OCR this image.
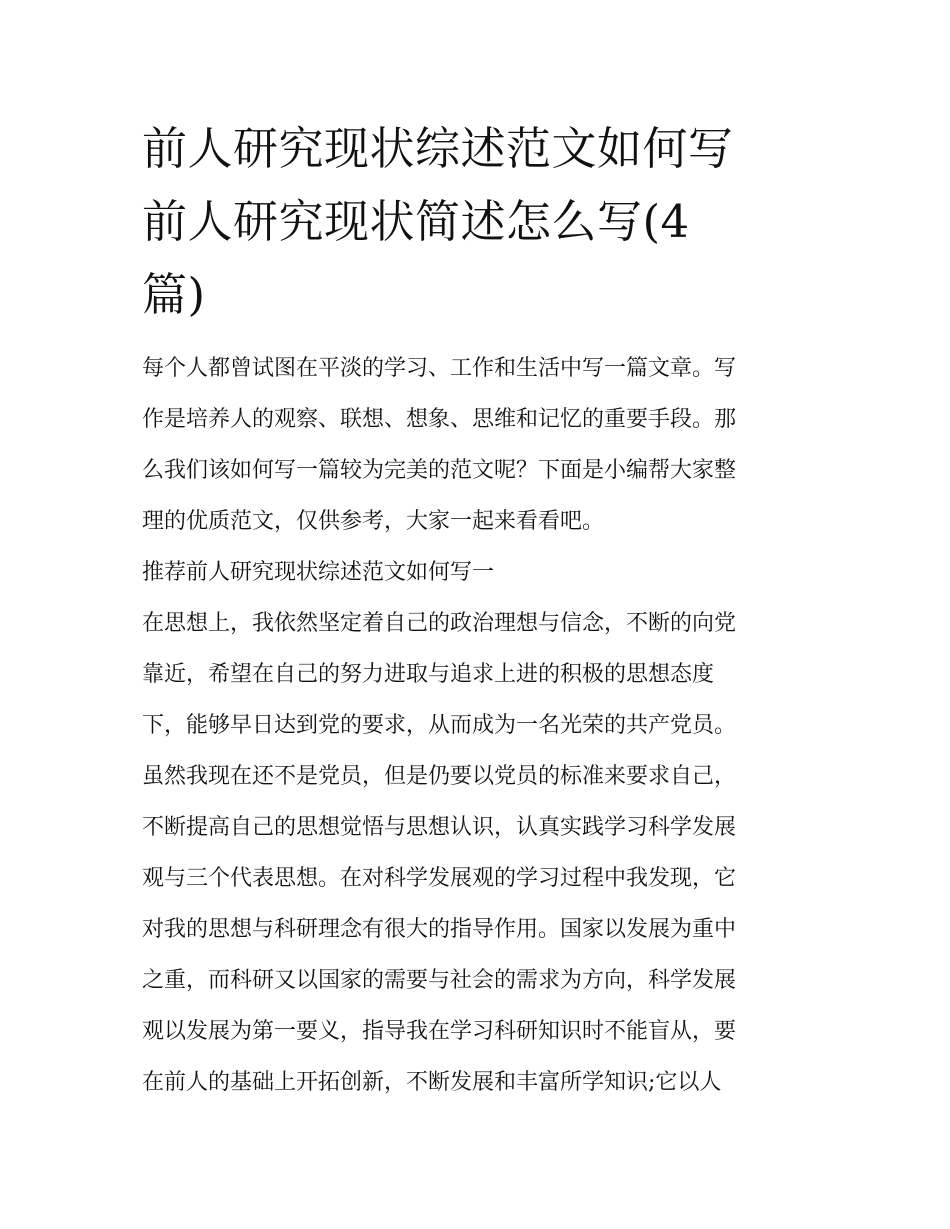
前人研究现状综述范文如何写
前人研究现状简述怎么写(4
篇)
每个人都曾试图在平淡的学习、工作和生活中写一篇文章。写
作是培养人的观察、联想、想象、思维和记忆的重要手段。那
么我们该如何写一篇较为完美的范文呢？下面是小编帮大家整
理的优质范文，仅供参考，大家一起来看看吧。
推荐前人研究现状综述范文如何写一
在思想上，我依然坚定着自己的政治理想与信念，不断的向党
靠近，希望在自己的努力进取与追求上进的积极的思想态度
下，能够早日达到党的要求，从而成为一名光荣的共产党员。
虽然我现在还不是党员，但是仍要以党员的标准来要求自己，
不断提高自己的思想觉悟与思想认识，认真实践学习科学发展
观与三个代表思想。在对科学发展观的学习过程中我发现，它
对我的思想与科研理念有很大的指导作用。国家以发展为重中
之重，而科研又以国家的需要与社会的需求为方向，科学发展
观以发展为第一要义，指导我在学习科研知识时不能盲从，要
在前人的基础上开拓创新，不断发展和丰富所学知识;它以人
